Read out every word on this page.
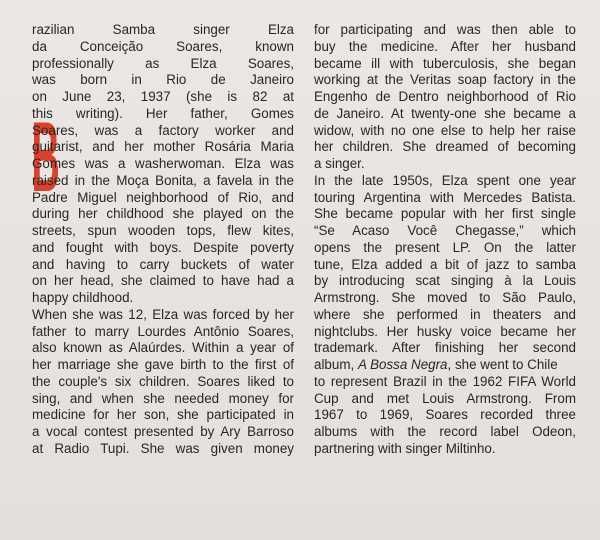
B
razilian Samba singer Elza
da Conceição Soares, known
professionally as Elza Soares,
was born in Rio de Janeiro
on June 23, 1937 (she is 82 at
this writing). Her father, Gomes
Soares, was a factory worker and
guitarist, and her mother Rosária Maria
Gomes was a washerwoman. Elza was
raised in the Moça Bonita, a favela in the
Padre Miguel neighborhood of Rio, and
during her childhood she played on the
streets, spun wooden tops, flew kites,
and fought with boys. Despite poverty
and having to carry buckets of water
on her head, she claimed to have had a
happy childhood.
When she was 12, Elza was forced by her
father to marry Lourdes Antônio Soares,
also known as Alaúrdes. Within a year of
her marriage she gave birth to the first of
the couple's six children. Soares liked to
sing, and when she needed money for
medicine for her son, she participated in
a vocal contest presented by Ary Barroso
at Radio Tupi. She was given money
for participating and was then able to
buy the medicine. After her husband
became ill with tuberculosis, she began
working at the Veritas soap factory in the
Engenho de Dentro neighborhood of Rio
de Janeiro. At twenty-one she became a
widow, with no one else to help her raise
her children. She dreamed of becoming
a singer.
In the late 1950s, Elza spent one year
touring Argentina with Mercedes Batista.
She became popular with her first single
“Se Acaso Você Chegasse,” which
opens the present LP. On the latter
tune, Elza added a bit of jazz to samba
by introducing scat singing à la Louis
Armstrong. She moved to São Paulo,
where she performed in theaters and
nightclubs. Her husky voice became her
trademark. After finishing her second
album, A Bossa Negra, she went to Chile
to represent Brazil in the 1962 FIFA World
Cup and met Louis Armstrong. From
1967 to 1969, Soares recorded three
albums with the record label Odeon,
partnering with singer Miltinho.
